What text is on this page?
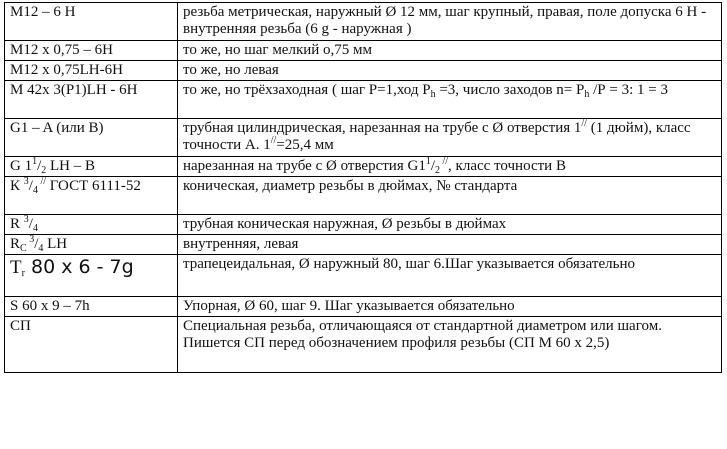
M12 – 6 H	резьба метрическая, наружный Ø 12 мм, шаг крупный, правая, поле допуска 6 Н - внутренняя резьба (6 g - наружная )
M12 x 0,75 – 6H	то же, но шаг мелкий о,75 мм
M12 x 0,75LH-6H	то же, но левая
M 42x 3(P1)LH - 6H	то же, но трёхзаходная ( шаг Р=1,ход $Р_h =3$, число заходов $n= Р_h$ /Р = 3: 1 = 3
G1 – A (или B)	трубная цилиндрическая, нарезанная на трубе с Ø отверстия 1// (1 дюйм), класс точности А. 1//=25,4 мм
G $1^1/_2$ LH – B	нарезанная на трубе с Ø отверстия $G1^1/_2$ //, класс точности В
К $^3/_4$ // ГОСТ 6111-52	коническая, диаметр резьбы в дюймах, № стандарта
R $^3/_4$	трубная коническая наружная, Ø резьбы в дюймах
$R_C$ $^3/_4$ LH	внутренняя, левая
$T_r$ 80 x 6 - 7g	трапецеидальная, Ø наружный 80, шаг 6.Шаг указывается обязательно
S 60 x 9 – 7h	Упорная, Ø 60, шаг 9. Шаг указывается обязательно
СП	Специальная резьба, отличающаяся от стандартной диаметром или шагом. Пишется СП перед обозначением профиля резьбы (СП М 60 х 2,5)
